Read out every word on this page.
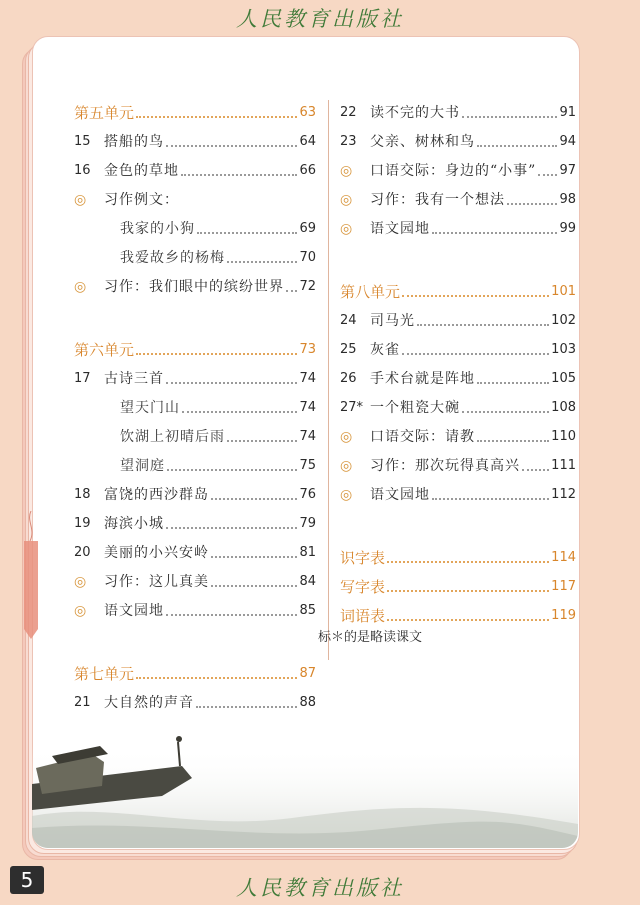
人民教育出版社
第五单元	63
15 搭船的鸟	64
16 金色的草地	66
◎	习作例文：
我家的小狗	69
我爱故乡的杨梅	70
◎	习作：我们眼中的缤纷世界 72
第六单元	73
17 古诗三首	74
望天门山	74
饮湖上初晴后雨	74
望洞庭	75
18 富饶的西沙群岛	76
19 海滨小城	79
20 美丽的小兴安岭	81
◎	习作：这儿真美	84
◎	语文园地	85
第七单元	87
21 大自然的声音	88
22 读不完的大书	91
23 父亲、树林和鸟	94
◎	口语交际：身边的“小事” 97
◎	习作：我有一个想法	98
◎	语文园地	99
第八单元	101
24 司马光	102
25 灰雀	103
26 手术台就是阵地	105
27* 一个粗瓷大碗	108
◎	口语交际：请教	110
◎	习作：那次玩得真高兴 111
◎	语文园地	112
识字表	114
写字表	117
词语表	119
标＊的是略读课文
5	人民教育出版社
